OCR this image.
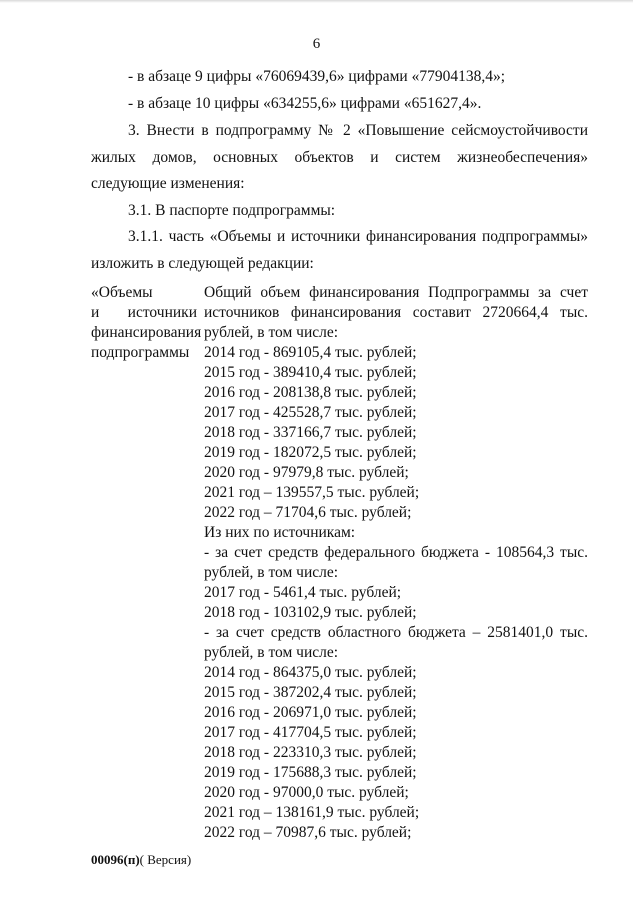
6
- в абзаце 9 цифры «76069439,6» цифрами «77904138,4»;
- в абзаце 10 цифры «634255,6» цифрами «651627,4».
3. Внести в подпрограмму № 2 «Повышение сейсмоустойчивости
жилых домов, основных объектов и систем жизнеобеспечения»
следующие изменения:
3.1. В паспорте подпрограммы:
3.1.1. часть «Объемы и источники финансирования подпрограммы»
изложить в следующей редакции:
«Объемы
и источники
финансирования
подпрограммы
Общий объем финансирования Подпрограммы за счет
источников финансирования составит 2720664,4 тыс.
рублей, в том числе:
2014 год - 869105,4 тыс. рублей;
2015 год - 389410,4 тыс. рублей;
2016 год - 208138,8 тыс. рублей;
2017 год - 425528,7 тыс. рублей;
2018 год - 337166,7 тыс. рублей;
2019 год - 182072,5 тыс. рублей;
2020 год - 97979,8 тыс. рублей;
2021 год – 139557,5 тыс. рублей;
2022 год – 71704,6 тыс. рублей;
Из них по источникам:
- за счет средств федерального бюджета - 108564,3 тыс.
рублей, в том числе:
2017 год - 5461,4 тыс. рублей;
2018 год - 103102,9 тыс. рублей;
- за счет средств областного бюджета – 2581401,0 тыс.
рублей, в том числе:
2014 год - 864375,0 тыс. рублей;
2015 год - 387202,4 тыс. рублей;
2016 год - 206971,0 тыс. рублей;
2017 год - 417704,5 тыс. рублей;
2018 год - 223310,3 тыс. рублей;
2019 год - 175688,3 тыс. рублей;
2020 год - 97000,0 тыс. рублей;
2021 год – 138161,9 тыс. рублей;
2022 год – 70987,6 тыс. рублей;
00096(п)( Версия)
